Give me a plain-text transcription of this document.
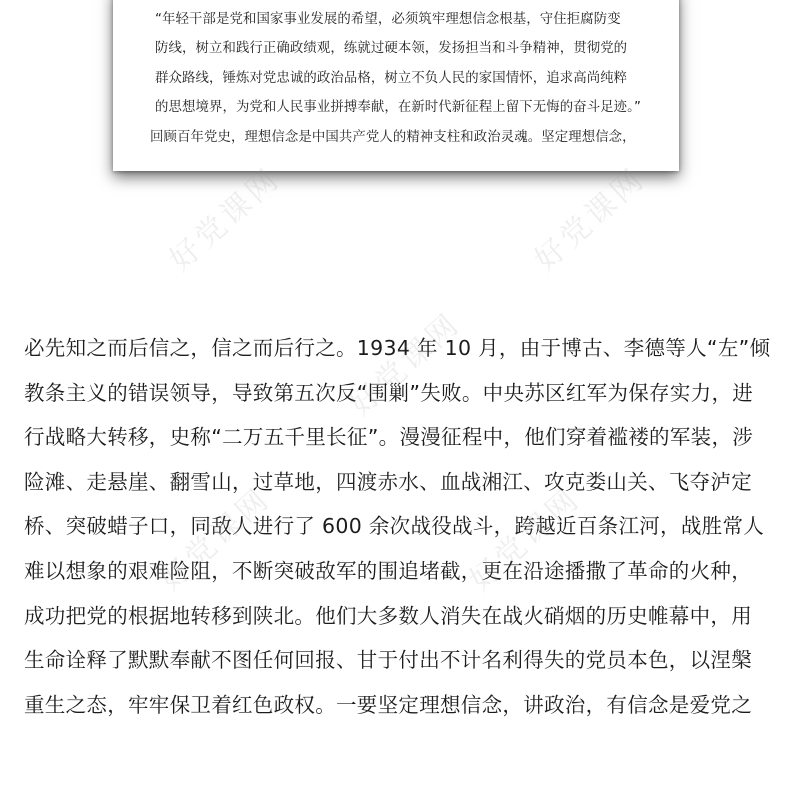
“年轻干部是党和国家事业发展的希望，必须筑牢理想信念根基，守住拒腐防变

防线，树立和践行正确政绩观，练就过硬本领，发扬担当和斗争精神，贯彻党的

群众路线，锤炼对党忠诚的政治品格，树立不负人民的家国情怀，追求高尚纯粹

的思想境界，为党和人民事业拼搏奉献，在新时代新征程上留下无悔的奋斗足迹。”

回顾百年党史，理想信念是中国共产党人的精神支柱和政治灵魂。坚定理想信念，

必先知之而后信之，信之而后行之。1934 年 10 月，由于博古、李德等人“左”倾

教条主义的错误领导，导致第五次反“围剿”失败。中央苏区红军为保存实力，进

行战略大转移，史称“二万五千里长征”。漫漫征程中，他们穿着褴褛的军装，涉

险滩、走悬崖、翻雪山，过草地，四渡赤水、血战湘江、攻克娄山关、飞夺泸定

桥、突破蜡子口，同敌人进行了 600 余次战役战斗，跨越近百条江河，战胜常人

难以想象的艰难险阻，不断突破敌军的围追堵截，更在沿途播撒了革命的火种，

成功把党的根据地转移到陕北。他们大多数人消失在战火硝烟的历史帷幕中，用

生命诠释了默默奉献不图任何回报、甘于付出不计名利得失的党员本色，以涅槃

重生之态，牢牢保卫着红色政权。一要坚定理想信念，讲政治，有信念是爱党之

好党课网
好党课网
好党课网	好党课网
好党课网
